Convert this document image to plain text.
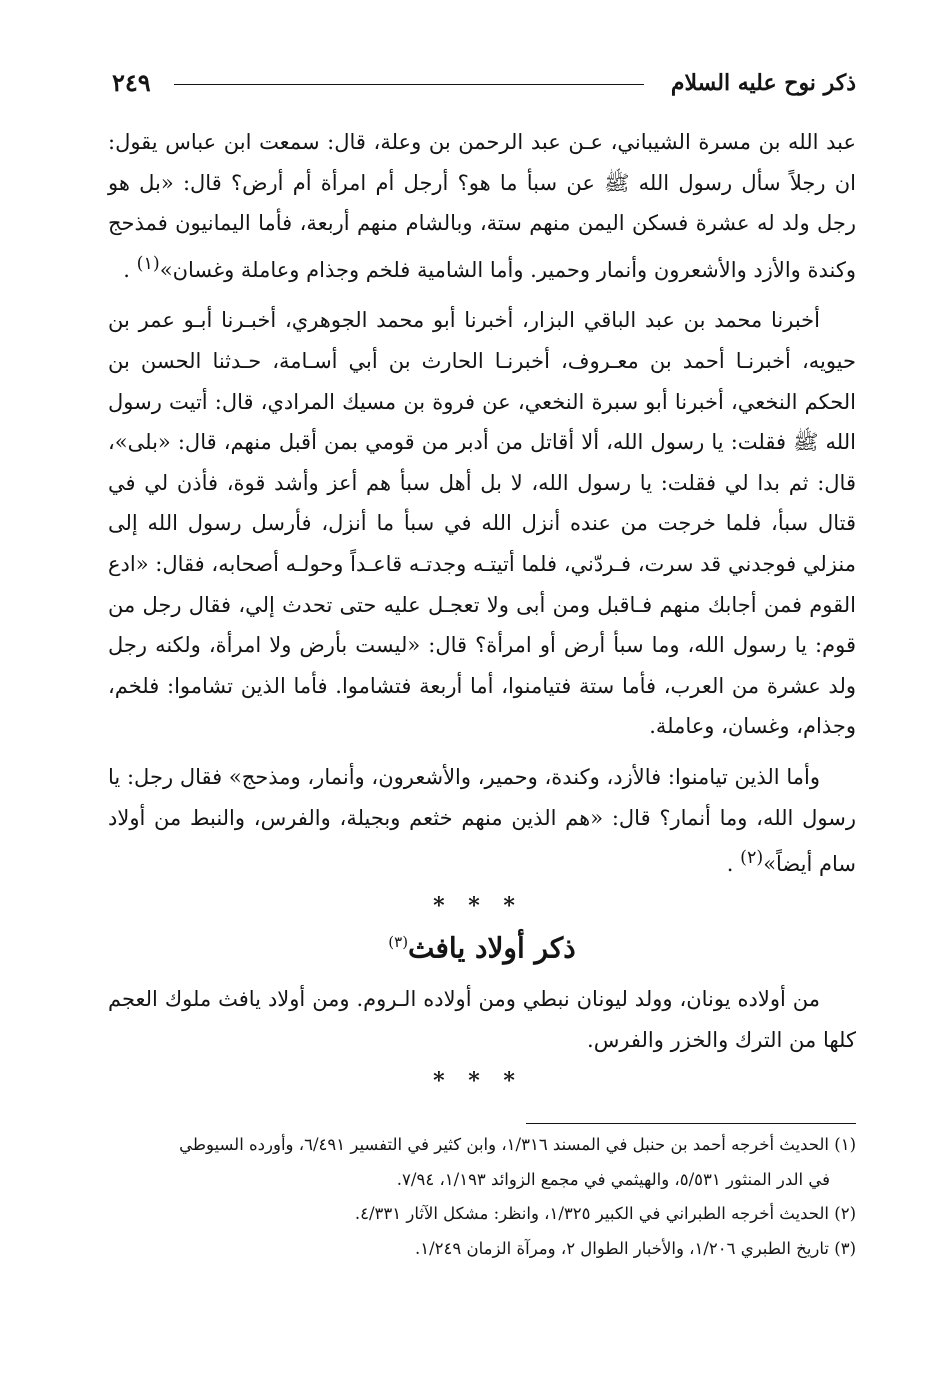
ذكر نوح عليه السلام
٢٤٩

عبد الله بن مسرة الشيباني، عـن عبد الرحمن بن وعلة، قال: سمعت ابن عباس يقول: ان رجلاً سأل رسول الله ﷺ عن سبأ ما هو؟ أرجل أم امرأة أم أرض؟ قال: «بل هو رجل ولد له عشرة فسكن اليمن منهم ستة، وبالشام منهم أربعة، فأما اليمانيون فمذحج وكندة والأزد والأشعرون وأنمار وحمير. وأما الشامية فلخم وجذام وعاملة وغسان»$^{(١)}$ .

أخبرنا محمد بن عبد الباقي البزار، أخبرنا أبو محمد الجوهري، أخبـرنا أبـو عمر بن حيويه، أخبرنـا أحمد بن معـروف، أخبرنـا الحارث بن أبي أسـامة، حـدثنا الحسن بن الحكم النخعي، أخبرنا أبو سبرة النخعي، عن فروة بن مسيك المرادي، قال: أتيت رسول الله ﷺ فقلت: يا رسول الله، ألا أقاتل من أدبر من قومي بمن أقبل منهم، قال: «بلى»، قال: ثم بدا لي فقلت: يا رسول الله، لا بل أهل سبأ هم أعز وأشد قوة، فأذن لي في قتال سبأ، فلما خرجت من عنده أنزل الله في سبأ ما أنزل، فأرسل رسول الله إلى منزلي فوجدني قد سرت، فـردّني، فلما أتيتـه وجدتـه قاعـداً وحولـه أصحابه، فقال: «ادع القوم فمن أجابك منهم فـاقبل ومن أبى ولا تعجـل عليه حتى تحدث إلي، فقال رجل من قوم: يا رسول الله، وما سبأ أرض أو امرأة؟ قال: «ليست بأرض ولا امرأة، ولكنه رجل ولد عشرة من العرب، فأما ستة فتيامنوا، أما أربعة فتشاموا. فأما الذين تشاموا: فلخم، وجذام، وغسان، وعاملة.

وأما الذين تيامنوا: فالأزد، وكندة، وحمير، والأشعرون، وأنمار، ومذحج» فقال رجل: يا رسول الله، وما أنمار؟ قال: «هم الذين منهم خثعم وبجيلة، والفرس، والنبط من أولاد سام أيضاً»$^{(٢)}$ .

* * *
ذكر أولاد يافث$^{(٣)}$

من أولاده يونان، وولد ليونان نبطي ومن أولاده الـروم. ومن أولاد يافث ملوك العجم كلها من الترك والخزر والفرس.

* * *

(١) الحديث أخرجه أحمد بن حنبل في المسند ١/٣١٦، وابن كثير في التفسير ٦/٤٩١، وأورده السيوطي

في الدر المنثور ٥/٥٣١، والهيثمي في مجمع الزوائد ١/١٩٣، ٧/٩٤.

(٢) الحديث أخرجه الطبراني في الكبير ١/٣٢٥، وانظر: مشكل الآثار ٤/٣٣١.

(٣) تاريخ الطبري ١/٢٠٦، والأخبار الطوال ٢، ومرآة الزمان ١/٢٤٩.
